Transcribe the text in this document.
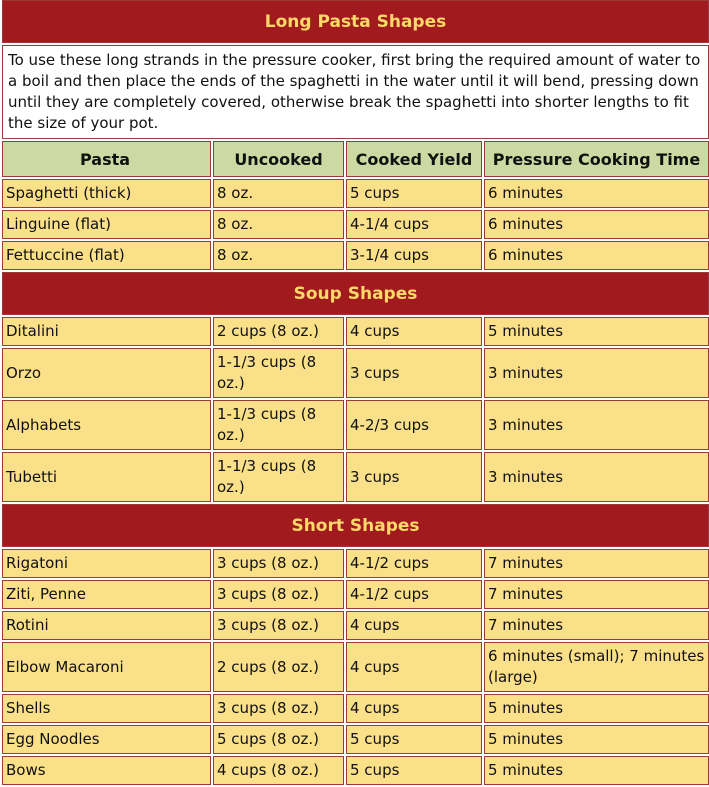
Long Pasta Shapes			
To use these long strands in the pressure cooker, first bring the required amount of water to a boil and then place the ends of the spaghetti in the water until it will bend, pressing down until they are completely covered, otherwise break the spaghetti into shorter lengths to fit the size of your pot.			
Pasta	Uncooked	Cooked Yield	Pressure Cooking Time
Spaghetti (thick)	8 oz.	5 cups	6 minutes
Linguine (flat)	8 oz.	4-1/4 cups	6 minutes
Fettuccine (flat)	8 oz.	3-1/4 cups	6 minutes
Soup Shapes			
Ditalini	2 cups (8 oz.)	4 cups	5 minutes
Orzo	1-1/3 cups (8 oz.)	3 cups	3 minutes
Alphabets	1-1/3 cups (8 oz.)	4-2/3 cups	3 minutes
Tubetti	1-1/3 cups (8 oz.)	3 cups	3 minutes
Short Shapes			
Rigatoni	3 cups (8 oz.)	4-1/2 cups	7 minutes
Ziti, Penne	3 cups (8 oz.)	4-1/2 cups	7 minutes
Rotini	3 cups (8 oz.)	4 cups	7 minutes
Elbow Macaroni	2 cups (8 oz.)	4 cups	6 minutes (small); 7 minutes (large)
Shells	3 cups (8 oz.)	4 cups	5 minutes
Egg Noodles	5 cups (8 oz.)	5 cups	5 minutes
Bows	4 cups (8 oz.)	5 cups	5 minutes
